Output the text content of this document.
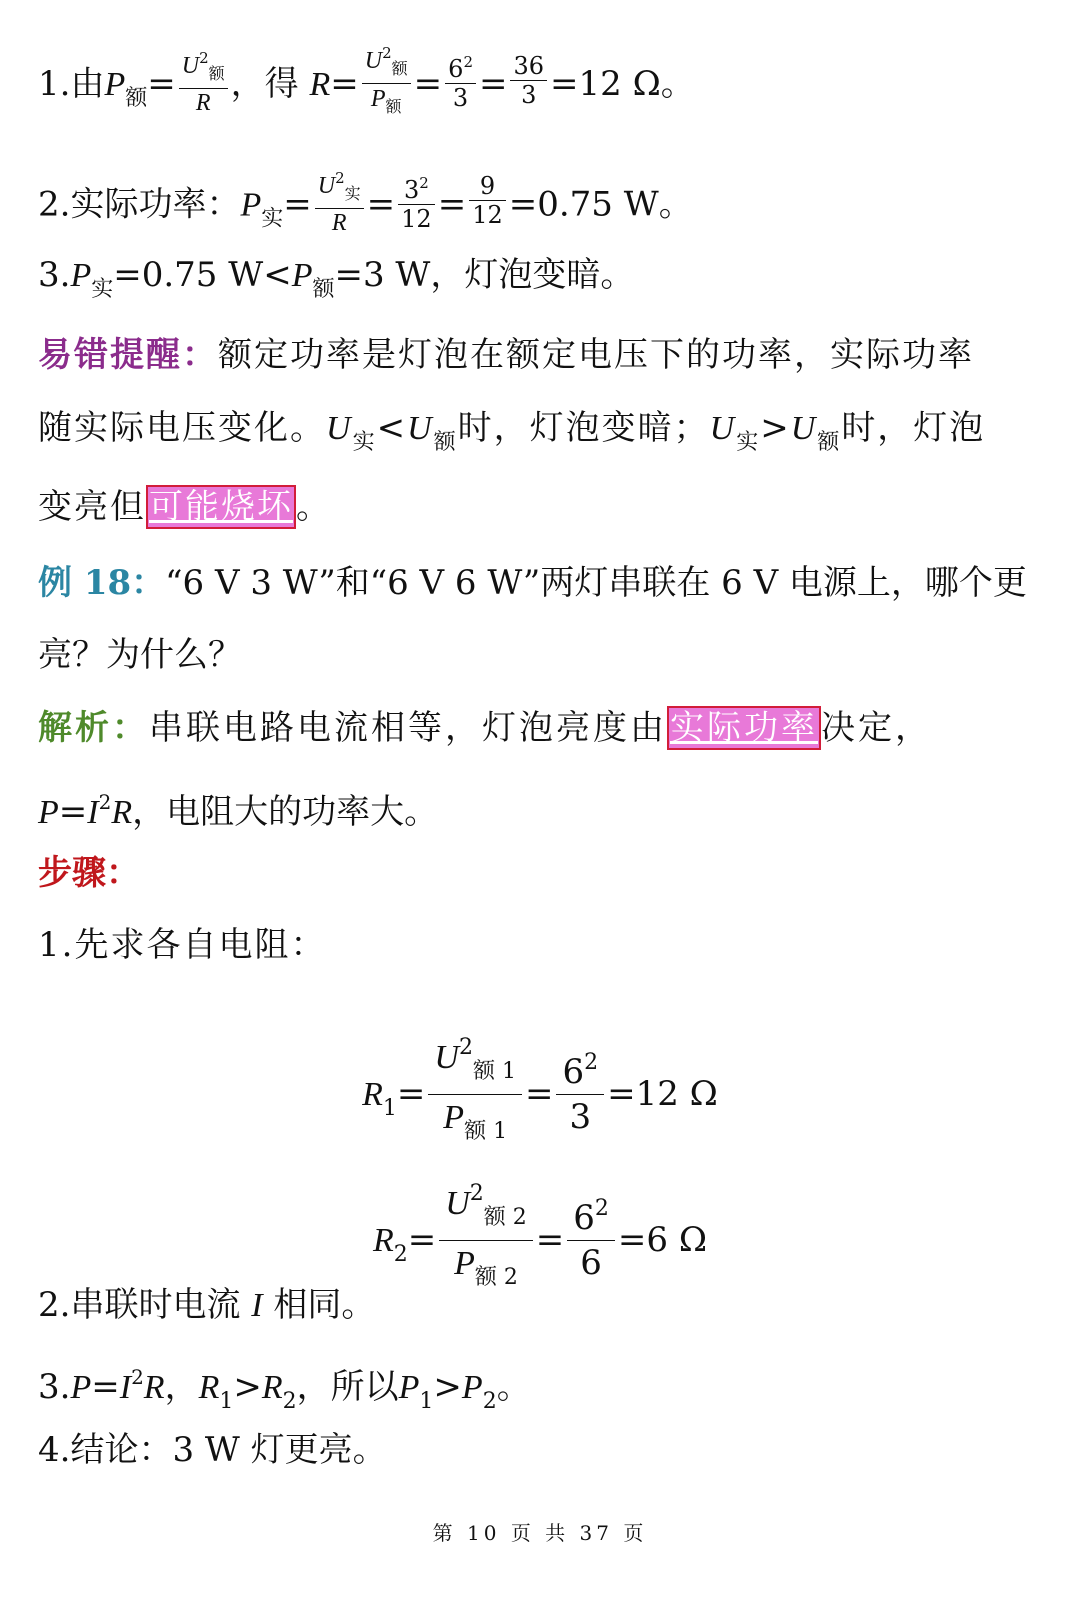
1.由$P_额= \frac{U^2_额}{R}$ ，得 $R= \frac{U^2_额}{P_额} = \frac{6^2}{3} = \frac{36}{3} =12$ Ω。
2.实际功率：$P_实= \frac{U^2_实}{R} = \frac{3^2}{12} = \frac{9}{12} =0.75$ W。
$3.P_实=0.75$ $W<P_额=3$ W，灯泡变暗。
易错提醒：额定功率是灯泡在额定电压下的功率，实际功率
随实际电压变化。$U_实<U_额$时，灯泡变暗；$U_实>U_额$时，灯泡
变亮但可能烧坏。
例 18：“6 V 3 W”和“6 V 6 W”两灯串联在 6 V 电源上，哪个更
亮？为什么？
解析：串联电路电流相等，灯泡亮度由实际功率决定，
$P=I^2R$，电阻大的功率大。
步骤：
1.先求各自电阻：
$R_1= \frac{U^2_{额 1}}{P_{额 1}} = \frac{6^2}{3} =12$ Ω
$R_2= \frac{U^2_{额 2}}{P_{额 2}} = \frac{6^2}{6} =6$ Ω
2.串联时电流 I 相同。
$3.P=I^2R$，$R_1>R_2$，所以$P_1>P_2$。
4.结论：3 W 灯更亮。
第 10 页 共 37 页
